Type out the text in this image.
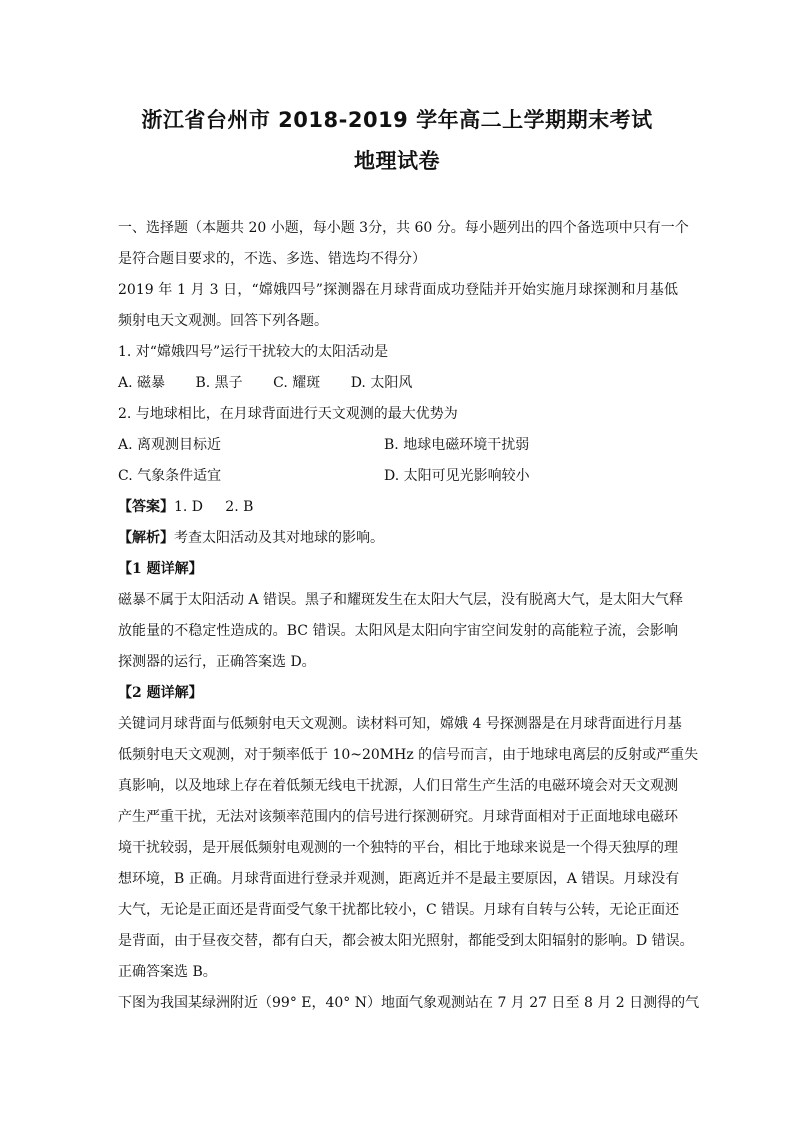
浙江省台州市 2018-2019 学年高二上学期期末考试
地理试卷
一、选择题（本题共 20 小题，每小题 3分，共 60 分。每小题列出的四个备选项中只有一个
是符合题目要求的，不选、多选、错选均不得分）
2019 年 1 月 3 日，“嫦娥四号”探测器在月球背面成功登陆并开始实施月球探测和月基低
频射电天文观测。回答下列各题。
1. 对“嫦娥四号”运行干扰较大的太阳活动是
A. 磁暴 B. 黑子 C. 耀斑 D. 太阳风
2. 与地球相比，在月球背面进行天文观测的最大优势为
A. 离观测目标近	B. 地球电磁环境干扰弱
C. 气象条件适宜	D. 太阳可见光影响较小
【答案】1. D     2. B
【解析】考查太阳活动及其对地球的影响。
【1 题详解】
磁暴不属于太阳活动 A 错误。黑子和耀斑发生在太阳大气层，没有脱离大气，是太阳大气释
放能量的不稳定性造成的。BC 错误。太阳风是太阳向宇宙空间发射的高能粒子流，会影响
探测器的运行，正确答案选 D。
【2 题详解】
关键词月球背面与低频射电天文观测。读材料可知，嫦娥 4 号探测器是在月球背面进行月基
低频射电天文观测，对于频率低于 10~20MHz 的信号而言，由于地球电离层的反射或严重失
真影响，以及地球上存在着低频无线电干扰源，人们日常生产生活的电磁环境会对天文观测
产生严重干扰，无法对该频率范围内的信号进行探测研究。月球背面相对于正面地球电磁环
境干扰较弱，是开展低频射电观测的一个独特的平台，相比于地球来说是一个得天独厚的理
想环境，B 正确。月球背面进行登录并观测，距离近并不是最主要原因，A 错误。月球没有
大气，无论是正面还是背面受气象干扰都比较小，C 错误。月球有自转与公转，无论正面还
是背面，由于昼夜交替，都有白天，都会被太阳光照射，都能受到太阳辐射的影响。D 错误。
正确答案选 B。
下图为我国某绿洲附近（99° E，40° N）地面气象观测站在 7 月 27 日至 8 月 2 日测得的气
